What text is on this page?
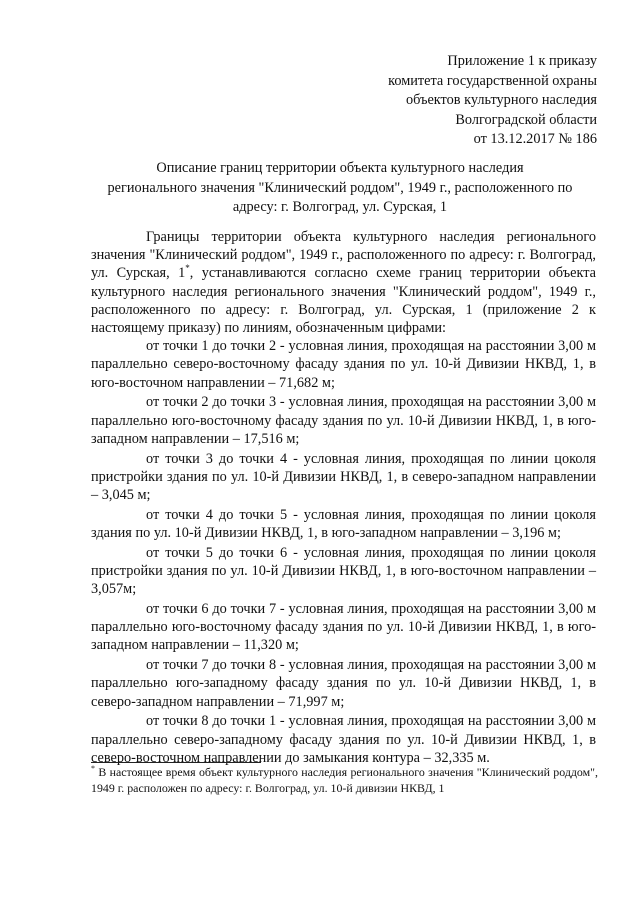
Приложение 1 к приказу
комитета государственной охраны
объектов культурного наследия
Волгоградской области
от 13.12.2017 № 186
Описание границ территории объекта культурного наследия
регионального значения "Клинический роддом", 1949 г., расположенного по
адресу: г. Волгоград, ул. Сурская, 1

Границы территории объекта культурного наследия регионального значения "Клинический роддом", 1949 г., расположенного по адресу: г. Волгоград, ул. Сурская, 1*, устанавливаются согласно схеме границ территории объекта культурного наследия регионального значения "Клинический роддом", 1949 г., расположенного по адресу: г. Волгоград, ул. Сурская, 1 (приложение 2 к настоящему приказу) по линиям, обозначенным цифрами:

от точки 1 до точки 2 - условная линия, проходящая на расстоянии 3,00 м параллельно северо-восточному фасаду здания по ул. 10-й Дивизии НКВД, 1, в юго-восточном направлении – 71,682 м;

от точки 2 до точки 3 - условная линия, проходящая на расстоянии 3,00 м параллельно юго-восточному фасаду здания по ул. 10-й Дивизии НКВД, 1, в юго-западном направлении – 17,516 м;

от точки 3 до точки 4 - условная линия, проходящая по линии цоколя пристройки здания по ул. 10-й Дивизии НКВД, 1, в северо-западном направлении – 3,045 м;

от точки 4 до точки 5 - условная линия, проходящая по линии цоколя здания по ул. 10-й Дивизии НКВД, 1, в юго-западном направлении – 3,196 м;

от точки 5 до точки 6 - условная линия, проходящая по линии цоколя пристройки здания по ул. 10-й Дивизии НКВД, 1, в юго-восточном направлении – 3,057м;

от точки 6 до точки 7 - условная линия, проходящая на расстоянии 3,00 м параллельно юго-восточному фасаду здания по ул. 10-й Дивизии НКВД, 1, в юго-западном направлении – 11,320 м;

от точки 7 до точки 8 - условная линия, проходящая на расстоянии 3,00 м параллельно юго-западному фасаду здания по ул. 10-й Дивизии НКВД, 1, в северо-западном направлении – 71,997 м;

от точки 8 до точки 1 - условная линия, проходящая на расстоянии 3,00 м параллельно северо-западному фасаду здания по ул. 10-й Дивизии НКВД, 1, в северо-восточном направлении до замыкания контура – 32,335 м.

* В настоящее время объект культурного наследия регионального значения "Клинический роддом", 1949 г. расположен по адресу: г. Волгоград, ул. 10-й дивизии НКВД, 1
